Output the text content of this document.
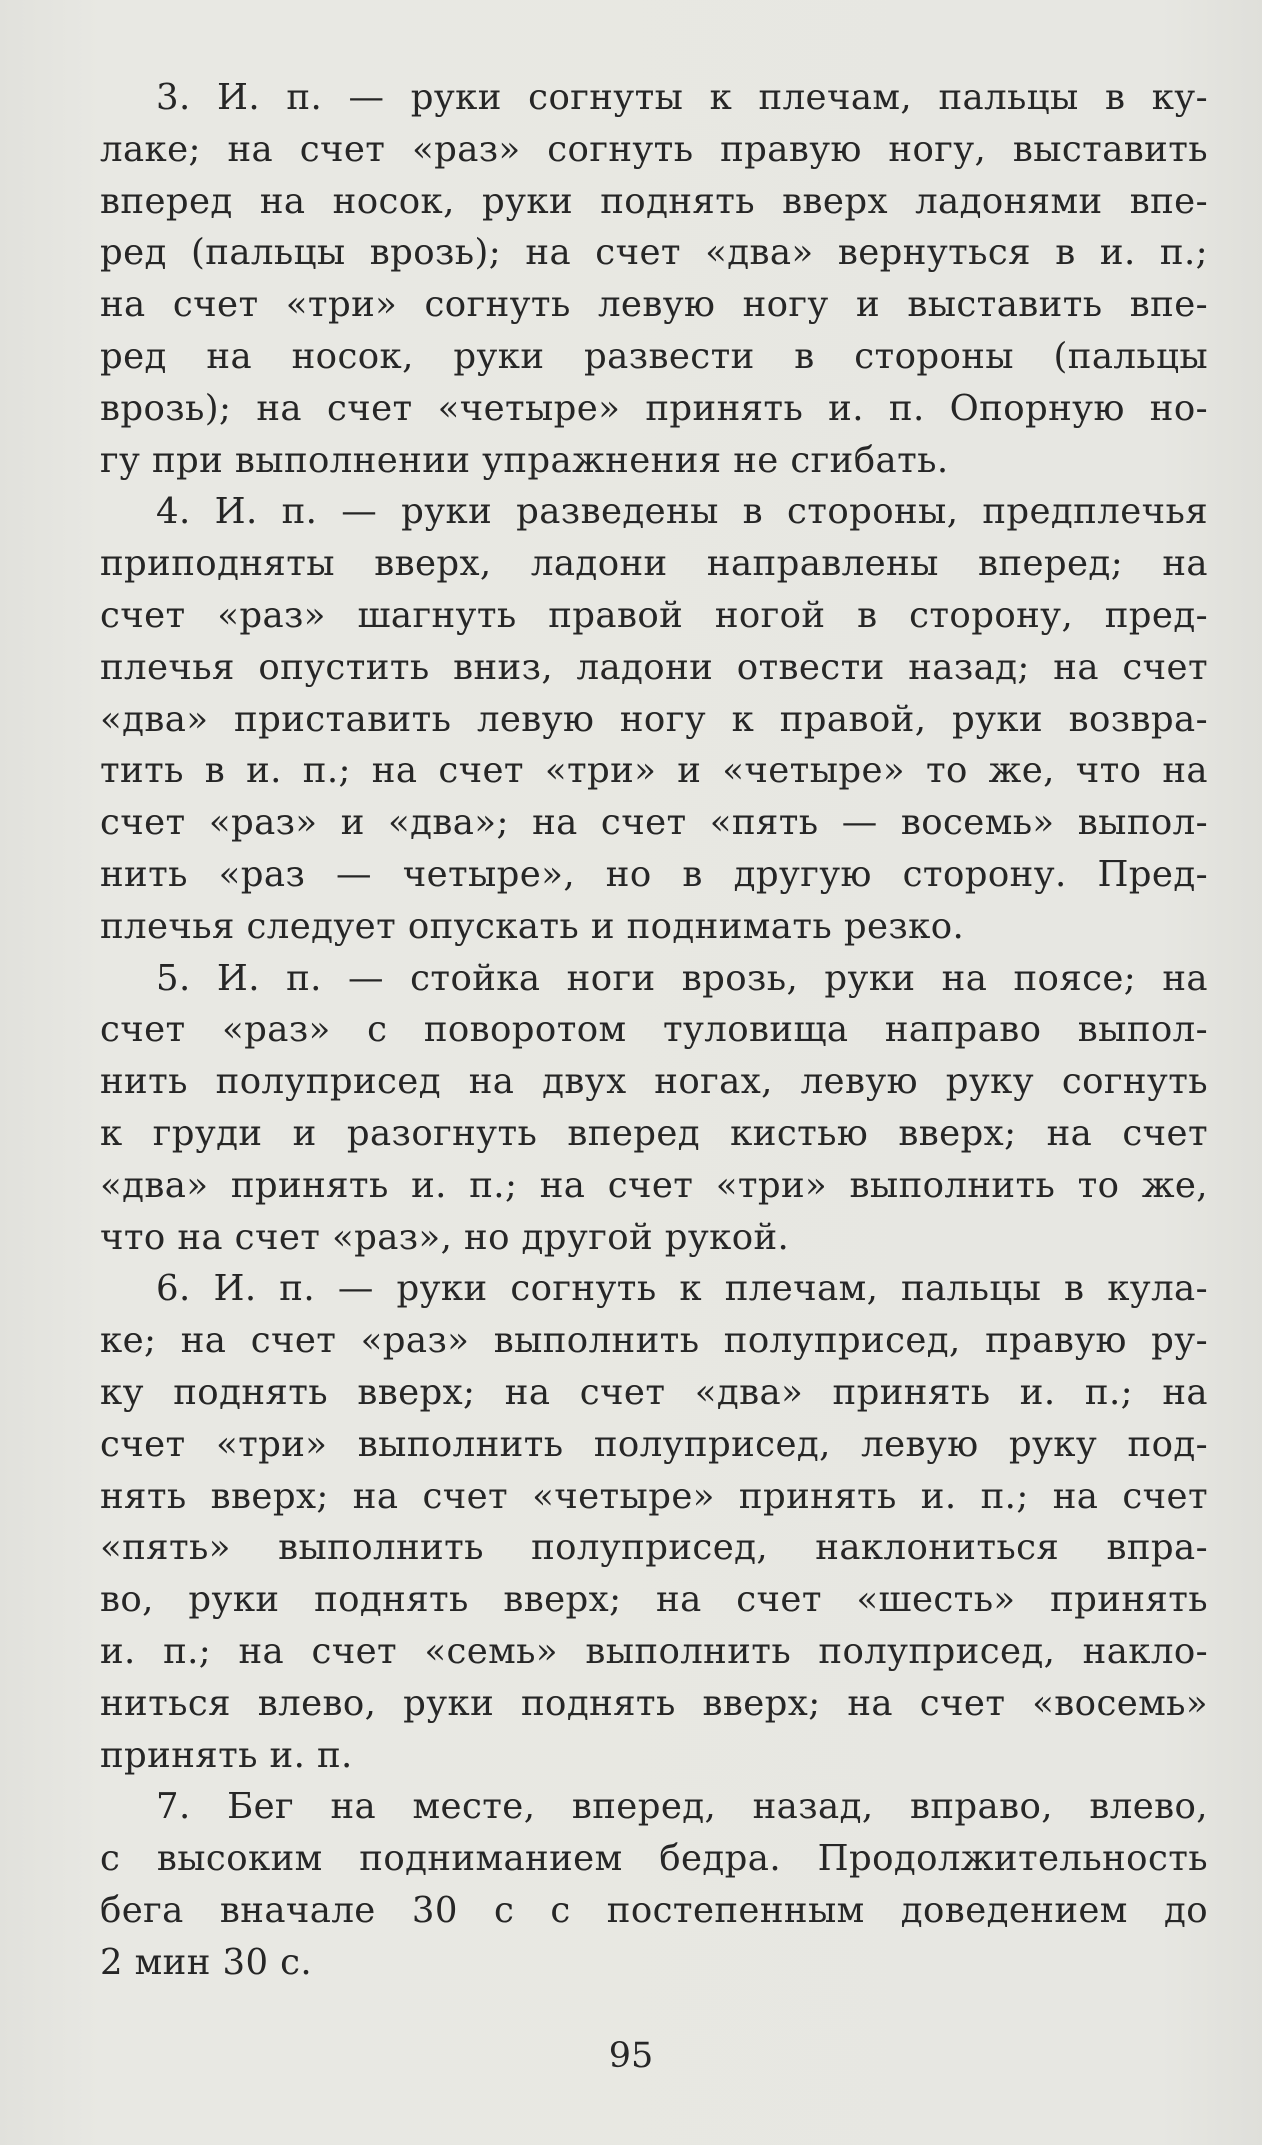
3. И. п. — руки согнуты к плечам, пальцы в ку-
лаке; на счет «раз» согнуть правую ногу, выставить
вперед на носок, руки поднять вверх ладонями впе-
ред (пальцы врозь); на счет «два» вернуться в и. п.;
на счет «три» согнуть левую ногу и выставить впе-
ред на носок, руки развести в стороны (пальцы
врозь); на счет «четыре» принять и. п. Опорную но-
гу при выполнении упражнения не сгибать.

4. И. п. — руки разведены в стороны, предплечья
приподняты вверх, ладони направлены вперед; на
счет «раз» шагнуть правой ногой в сторону, пред-
плечья опустить вниз, ладони отвести назад; на счет
«два» приставить левую ногу к правой, руки возвра-
тить в и. п.; на счет «три» и «четыре» то же, что на
счет «раз» и «два»; на счет «пять — восемь» выпол-
нить «раз — четыре», но в другую сторону. Пред-
плечья следует опускать и поднимать резко.

5. И. п. — стойка ноги врозь, руки на поясе; на
счет «раз» с поворотом туловища направо выпол-
нить полуприсед на двух ногах, левую руку согнуть
к груди и разогнуть вперед кистью вверх; на счет
«два» принять и. п.; на счет «три» выполнить то же,
что на счет «раз», но другой рукой.

6. И. п. — руки согнуть к плечам, пальцы в кула-
ке; на счет «раз» выполнить полуприсед, правую ру-
ку поднять вверх; на счет «два» принять и. п.; на
счет «три» выполнить полуприсед, левую руку под-
нять вверх; на счет «четыре» принять и. п.; на счет
«пять» выполнить полуприсед, наклониться впра-
во, руки поднять вверх; на счет «шесть» принять
и. п.; на счет «семь» выполнить полуприсед, накло-
ниться влево, руки поднять вверх; на счет «восемь»
принять и. п.

7. Бег на месте, вперед, назад, вправо, влево,
с высоким подниманием бедра. Продолжительность
бега вначале 30 с с постепенным доведением до
2 мин 30 с.

95
